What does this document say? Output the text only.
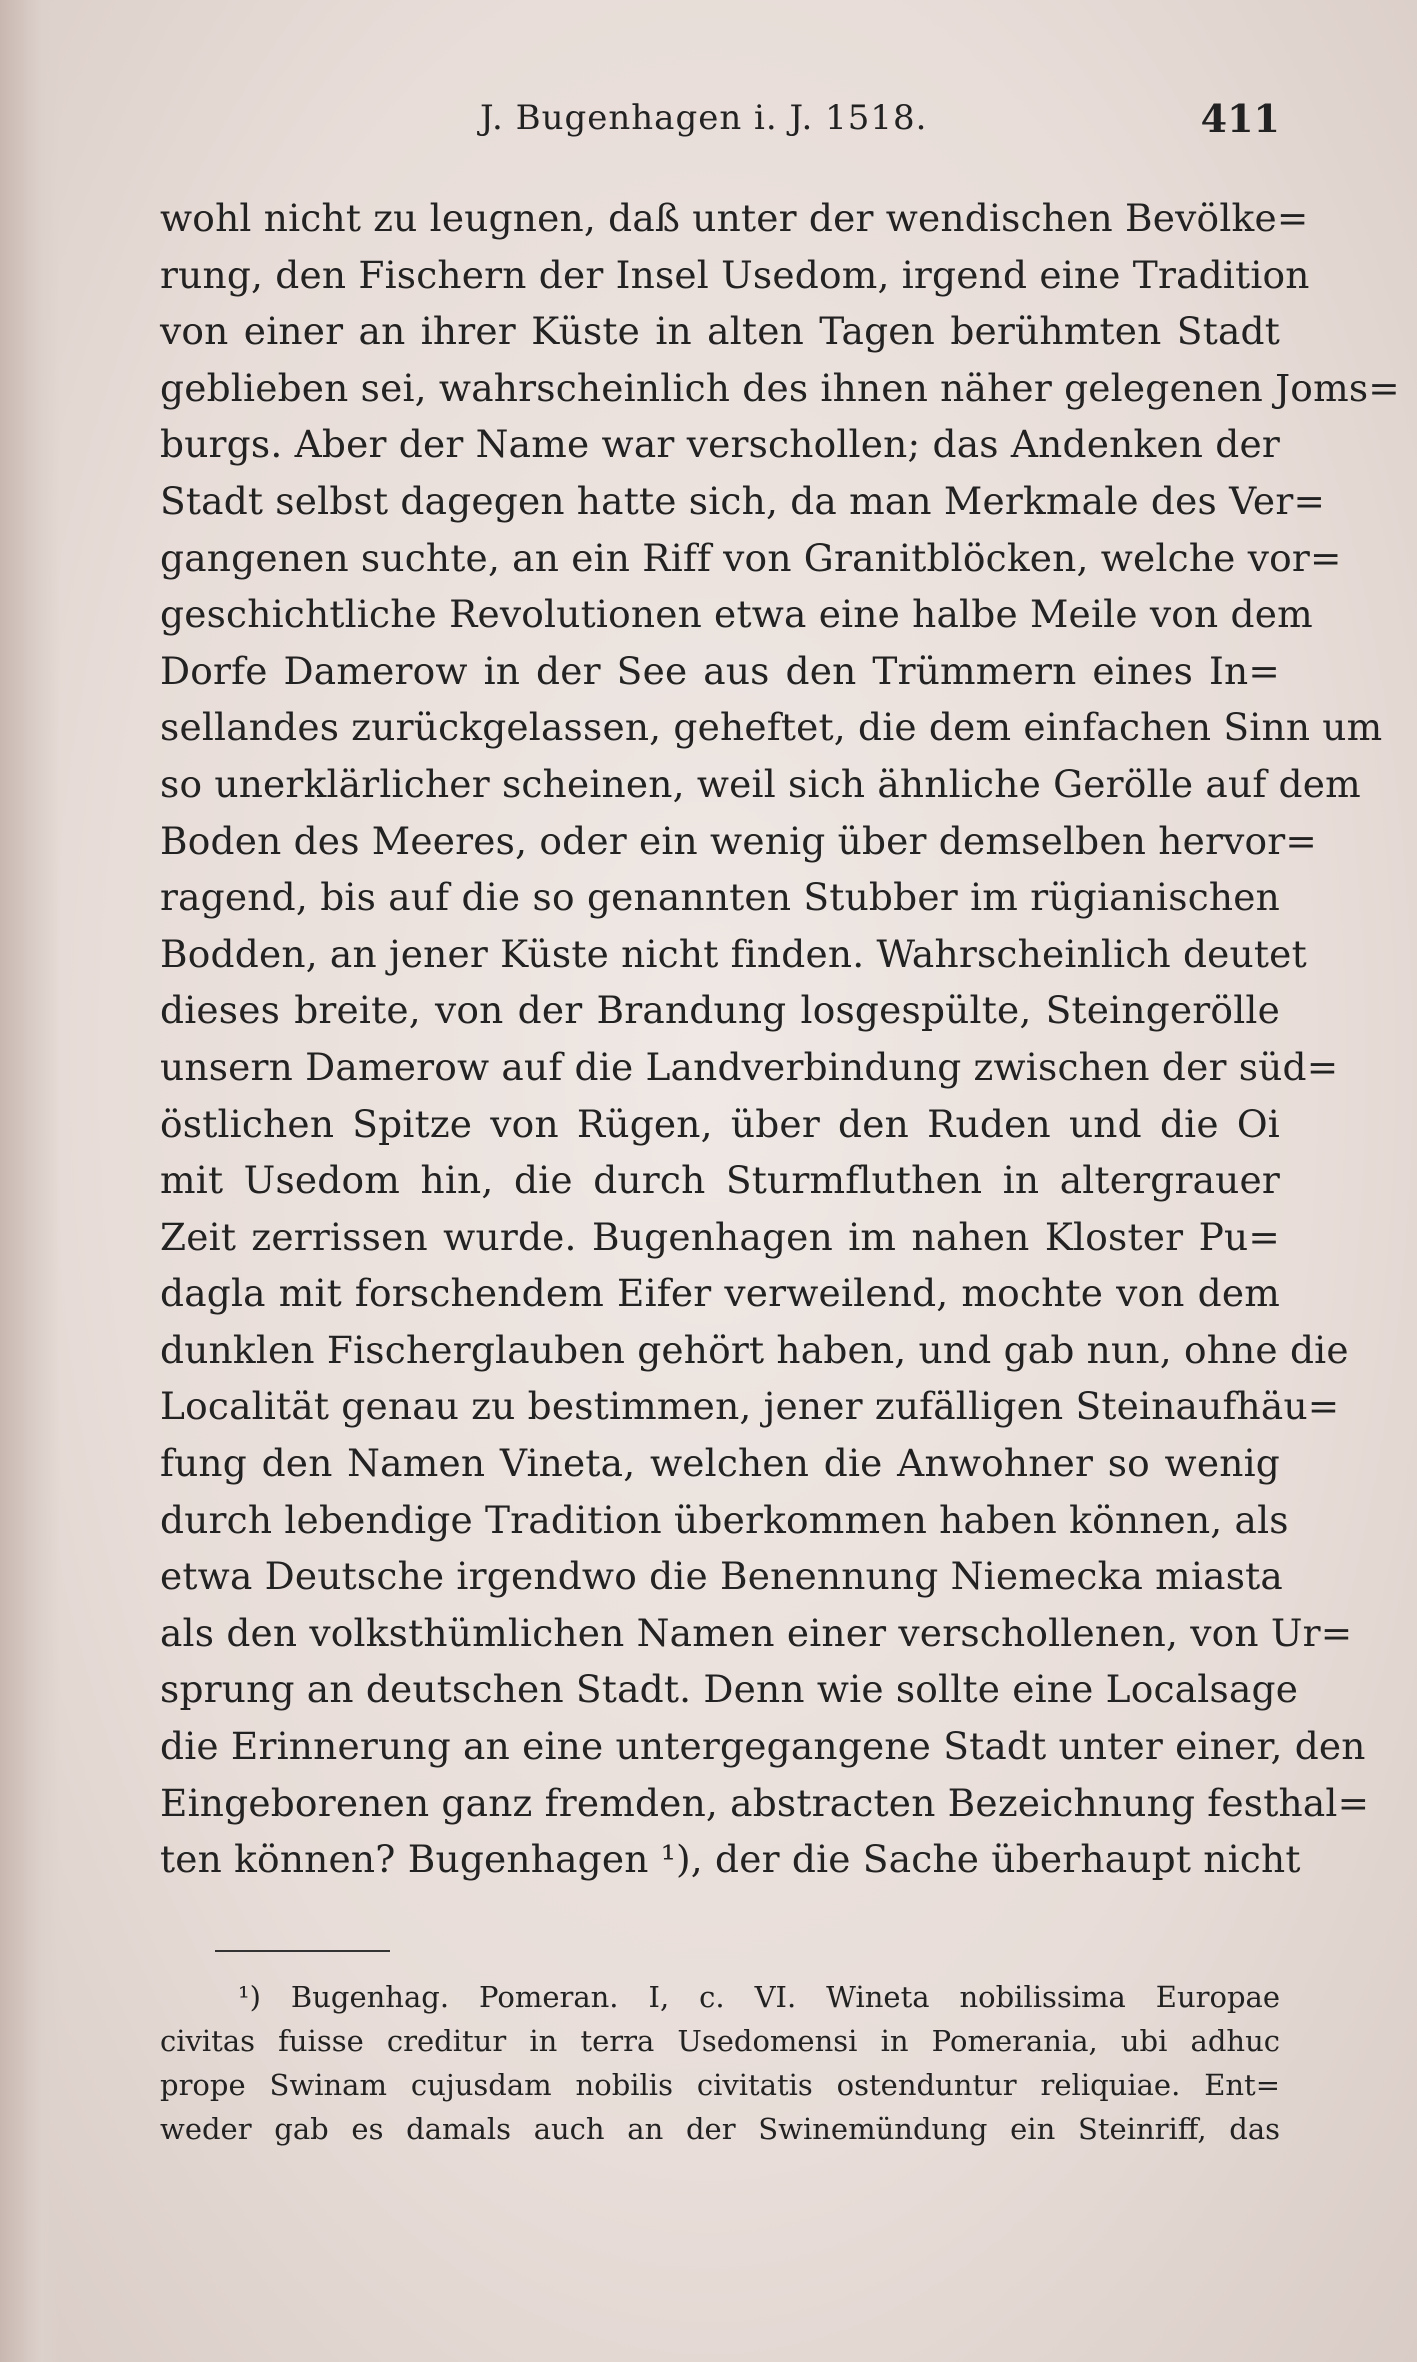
J. Bugenhagen i. J. 1518.	411
wohl nicht zu leugnen, daß unter der wendischen Bevölke=
rung, den Fischern der Insel Usedom, irgend eine Tradition
von einer an ihrer Küste in alten Tagen berühmten Stadt
geblieben sei, wahrscheinlich des ihnen näher gelegenen Joms=
burgs. Aber der Name war verschollen; das Andenken der
Stadt selbst dagegen hatte sich, da man Merkmale des Ver=
gangenen suchte, an ein Riff von Granitblöcken, welche vor=
geschichtliche Revolutionen etwa eine halbe Meile von dem
Dorfe Damerow in der See aus den Trümmern eines In=
sellandes zurückgelassen, geheftet, die dem einfachen Sinn um
so unerklärlicher scheinen, weil sich ähnliche Gerölle auf dem
Boden des Meeres, oder ein wenig über demselben hervor=
ragend, bis auf die so genannten Stubber im rügianischen
Bodden, an jener Küste nicht finden. Wahrscheinlich deutet
dieses breite, von der Brandung losgespülte, Steingerölle
unsern Damerow auf die Landverbindung zwischen der süd=
östlichen Spitze von Rügen, über den Ruden und die Oi
mit Usedom hin, die durch Sturmfluthen in altergrauer
Zeit zerrissen wurde. Bugenhagen im nahen Kloster Pu=
dagla mit forschendem Eifer verweilend, mochte von dem
dunklen Fischerglauben gehört haben, und gab nun, ohne die
Localität genau zu bestimmen, jener zufälligen Steinaufhäu=
fung den Namen Vineta, welchen die Anwohner so wenig
durch lebendige Tradition überkommen haben können, als
etwa Deutsche irgendwo die Benennung Niemecka miasta
als den volksthümlichen Namen einer verschollenen, von Ur=
sprung an deutschen Stadt. Denn wie sollte eine Localsage
die Erinnerung an eine untergegangene Stadt unter einer, den
Eingeborenen ganz fremden, abstracten Bezeichnung festhal=
ten können? Bugenhagen ¹), der die Sache überhaupt nicht
¹) Bugenhag. Pomeran. I, c. VI. Wineta nobilissima Europae
civitas fuisse creditur in terra Usedomensi in Pomerania, ubi adhuc
prope Swinam cujusdam nobilis civitatis ostenduntur reliquiae. Ent=
weder gab es damals auch an der Swinemündung ein Steinriff, das
